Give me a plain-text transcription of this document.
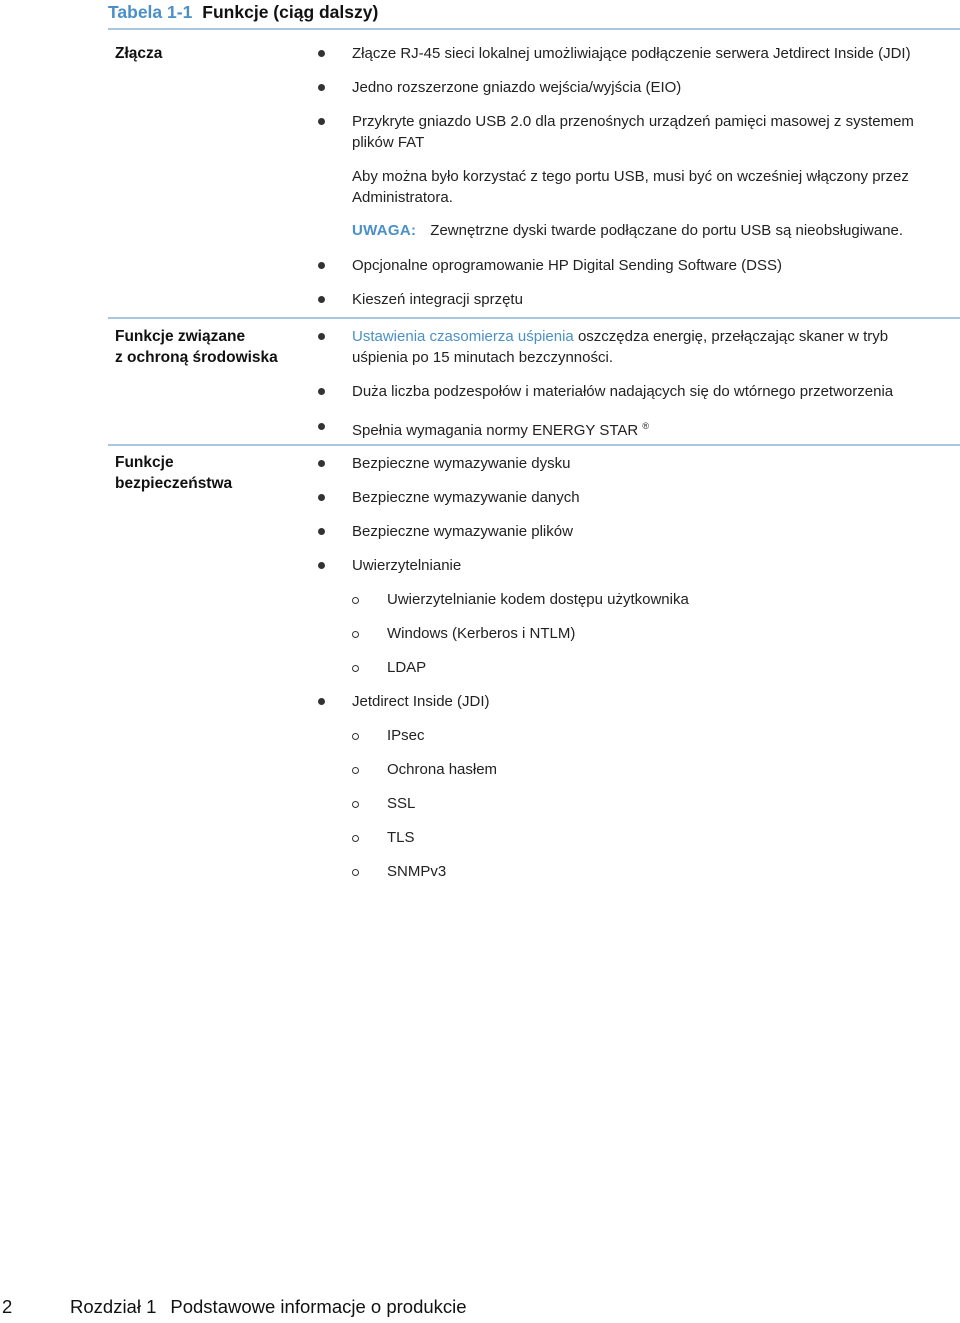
Tabela 1-1 Funkcje (ciąg dalszy)
Złącza	Złącze RJ-45 sieci lokalnej umożliwiające podłączenie serwera Jetdirect Inside (JDI)
Jedno rozszerzone gniazdo wejścia/wyjścia (EIO)
Przykryte gniazdo USB 2.0 dla przenośnych urządzeń pamięci masowej z systemem plików FAT
Aby można było korzystać z tego portu USB, musi być on wcześniej włączony przez Administratora.
UWAGA: Zewnętrzne dyski twarde podłączane do portu USB są nieobsługiwane.
Opcjonalne oprogramowanie HP Digital Sending Software (DSS)
Kieszeń integracji sprzętu
Funkcje związane
z ochroną środowiska
Ustawienia czasomierza uśpienia oszczędza energię, przełączając skaner w tryb uśpienia po 15 minutach bezczynności.
Duża liczba podzespołów i materiałów nadających się do wtórnego przetworzenia
Spełnia wymagania normy ENERGY STAR ®
Funkcje
bezpieczeństwa
Bezpieczne wymazywanie dysku
Bezpieczne wymazywanie danych
Bezpieczne wymazywanie plików
Uwierzytelnianie
Uwierzytelnianie kodem dostępu użytkownika
Windows (Kerberos i NTLM)
LDAP
Jetdirect Inside (JDI)
IPsec
Ochrona hasłem
SSL
TLS
SNMPv3
2	Rozdział 1 Podstawowe informacje o produkcie
